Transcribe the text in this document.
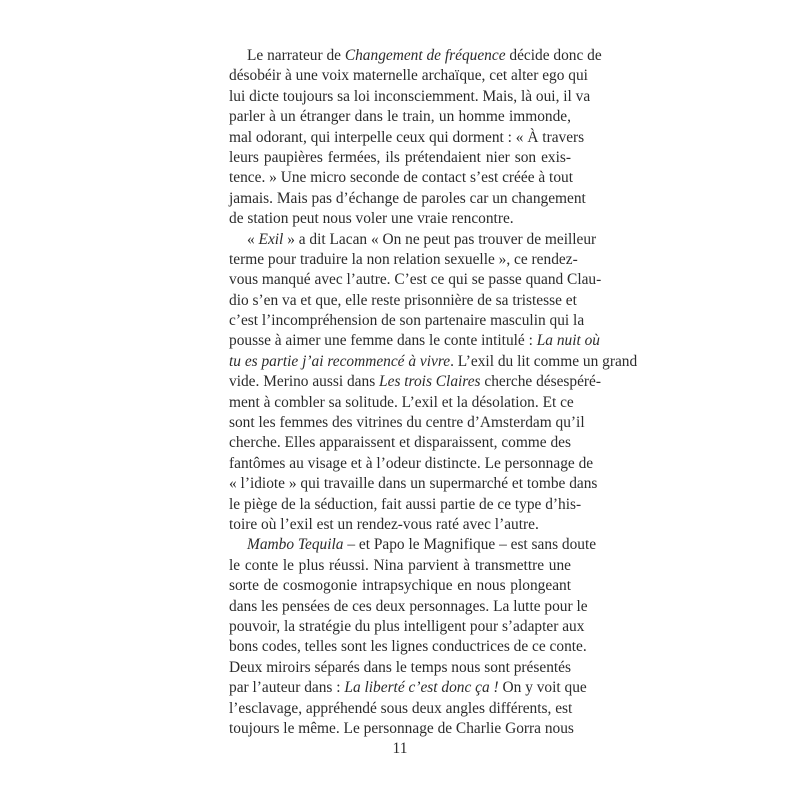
Le narrateur de Changement de fréquence décide donc de
désobéir à une voix maternelle archaïque, cet alter ego qui
lui dicte toujours sa loi inconsciemment. Mais, là oui, il va
parler à un étranger dans le train, un homme immonde,
mal odorant, qui interpelle ceux qui dorment : « À travers
leurs paupières fermées, ils prétendaient nier son exis-
tence. » Une micro seconde de contact s’est créée à tout
jamais. Mais pas d’échange de paroles car un changement
de station peut nous voler une vraie rencontre.
« Exil » a dit Lacan « On ne peut pas trouver de meilleur
terme pour traduire la non relation sexuelle », ce rendez-
vous manqué avec l’autre. C’est ce qui se passe quand Clau-
dio s’en va et que, elle reste prisonnière de sa tristesse et
c’est l’incompréhension de son partenaire masculin qui la
pousse à aimer une femme dans le conte intitulé : La nuit où
tu es partie j’ai recommencé à vivre. L’exil du lit comme un grand
vide. Merino aussi dans Les trois Claires cherche désespéré-
ment à combler sa solitude. L’exil et la désolation. Et ce
sont les femmes des vitrines du centre d’Amsterdam qu’il
cherche. Elles apparaissent et disparaissent, comme des
fantômes au visage et à l’odeur distincte. Le personnage de
« l’idiote » qui travaille dans un supermarché et tombe dans
le piège de la séduction, fait aussi partie de ce type d’his-
toire où l’exil est un rendez-vous raté avec l’autre.
Mambo Tequila – et Papo le Magnifique – est sans doute
le conte le plus réussi. Nina parvient à transmettre une
sorte de cosmogonie intrapsychique en nous plongeant
dans les pensées de ces deux personnages. La lutte pour le
pouvoir, la stratégie du plus intelligent pour s’adapter aux
bons codes, telles sont les lignes conductrices de ce conte.
Deux miroirs séparés dans le temps nous sont présentés
par l’auteur dans : La liberté c’est donc ça ! On y voit que
l’esclavage, appréhendé sous deux angles différents, est
toujours le même. Le personnage de Charlie Gorra nous
11
